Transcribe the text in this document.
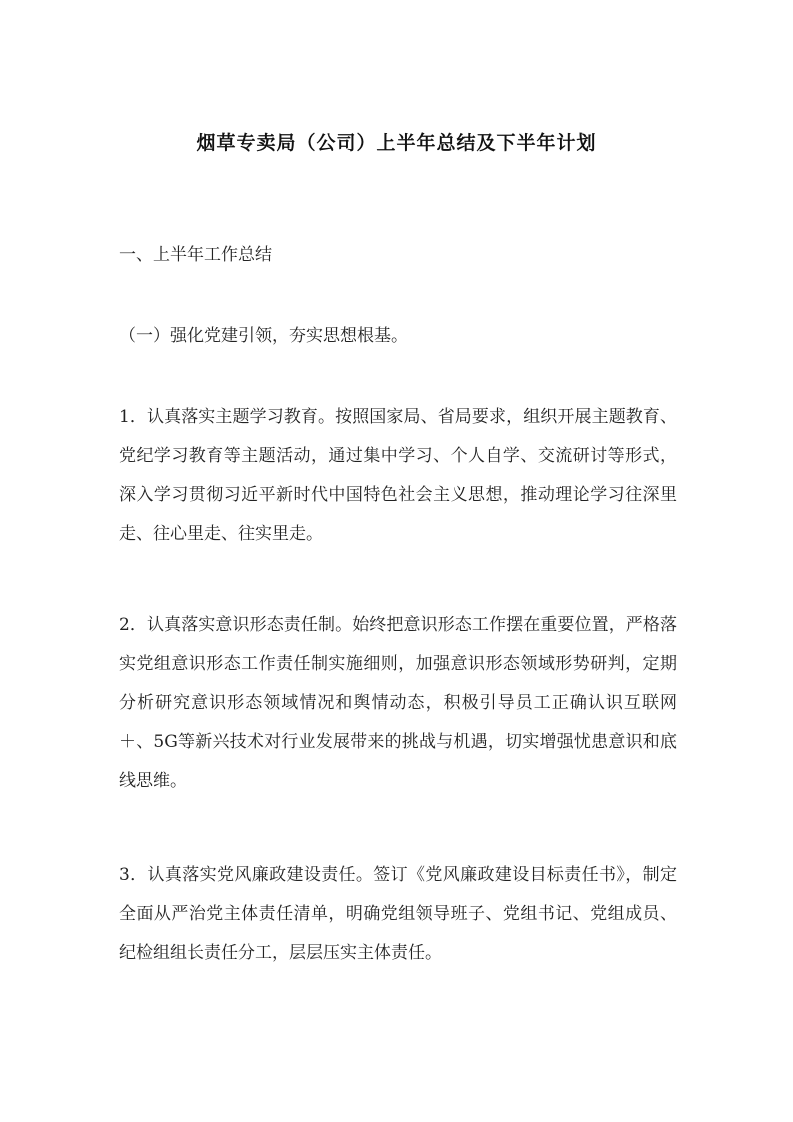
烟草专卖局（公司）上半年总结及下半年计划
一、上半年工作总结
（一）强化党建引领，夯实思想根基。

1．认真落实主题学习教育。按照国家局、省局要求，组织开展主题教育、党纪学习教育等主题活动，通过集中学习、个人自学、交流研讨等形式，深入学习贯彻习近平新时代中国特色社会主义思想，推动理论学习往深里走、往心里走、往实里走。

2．认真落实意识形态责任制。始终把意识形态工作摆在重要位置，严格落实党组意识形态工作责任制实施细则，加强意识形态领域形势研判，定期分析研究意识形态领域情况和舆情动态，积极引导员工正确认识互联网＋、5G等新兴技术对行业发展带来的挑战与机遇，切实增强忧患意识和底线思维。

3．认真落实党风廉政建设责任。签订《党风廉政建设目标责任书》，制定全面从严治党主体责任清单，明确党组领导班子、党组书记、党组成员、纪检组组长责任分工，层层压实主体责任。
